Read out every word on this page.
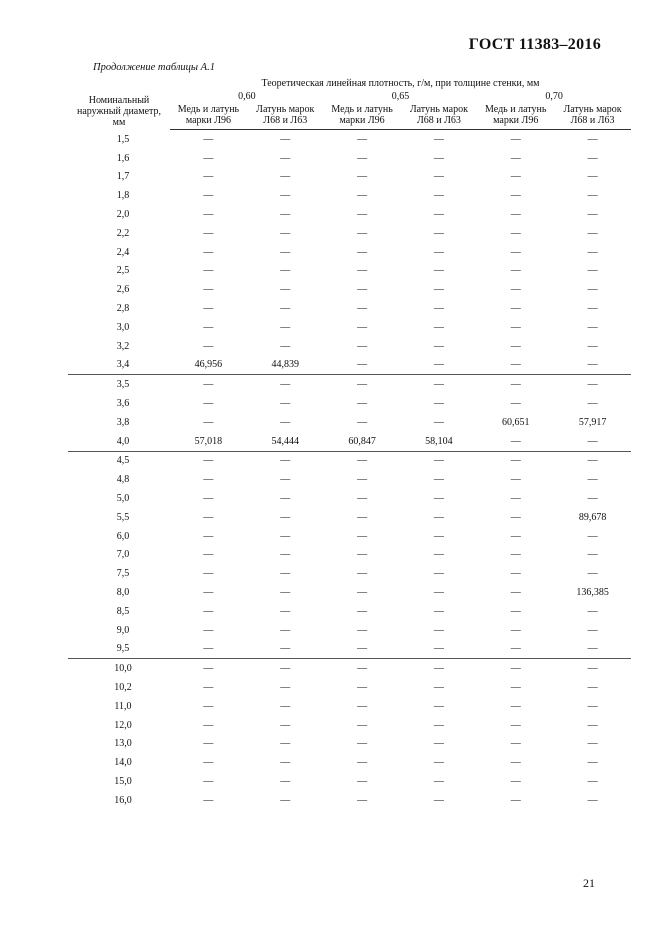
ГОСТ 11383–2016
Продолжение таблицы А.1
Номинальный наружный диаметр, мм	Теоретическая линейная плотность, г/м, при толщине стенки, мм					
	0,60		0,65		0,70	
	Медь и латунь марки Л96	Латунь марок Л68 и Л63	Медь и латунь марки Л96	Латунь марок Л68 и Л63	Медь и латунь марки Л96	Латунь марок Л68 и Л63
1,5	—	—	—	—	—	—
1,6	—	—	—	—	—	—
1,7	—	—	—	—	—	—
1,8	—	—	—	—	—	—
2,0	—	—	—	—	—	—
2,2	—	—	—	—	—	—
2,4	—	—	—	—	—	—
2,5	—	—	—	—	—	—
2,6	—	—	—	—	—	—
2,8	—	—	—	—	—	—
3,0	—	—	—	—	—	—
3,2	—	—	—	—	—	—
3,4	46,956	44,839	—	—	—	—
3,5	—	—	—	—	—	—
3,6	—	—	—	—	—	—
3,8	—	—	—	—	60,651	57,917
4,0	57,018	54,444	60,847	58,104	—	—
4,5	—	—	—	—	—	—
4,8	—	—	—	—	—	—
5,0	—	—	—	—	—	—
5,5	—	—	—	—	—	89,678
6,0	—	—	—	—	—	—
7,0	—	—	—	—	—	—
7,5	—	—	—	—	—	—
8,0	—	—	—	—	—	136,385
8,5	—	—	—	—	—	—
9,0	—	—	—	—	—	—
9,5	—	—	—	—	—	—
10,0	—	—	—	—	—	—
10,2	—	—	—	—	—	—
11,0	—	—	—	—	—	—
12,0	—	—	—	—	—	—
13,0	—	—	—	—	—	—
14,0	—	—	—	—	—	—
15,0	—	—	—	—	—	—
16,0	—	—	—	—	—	—
21
